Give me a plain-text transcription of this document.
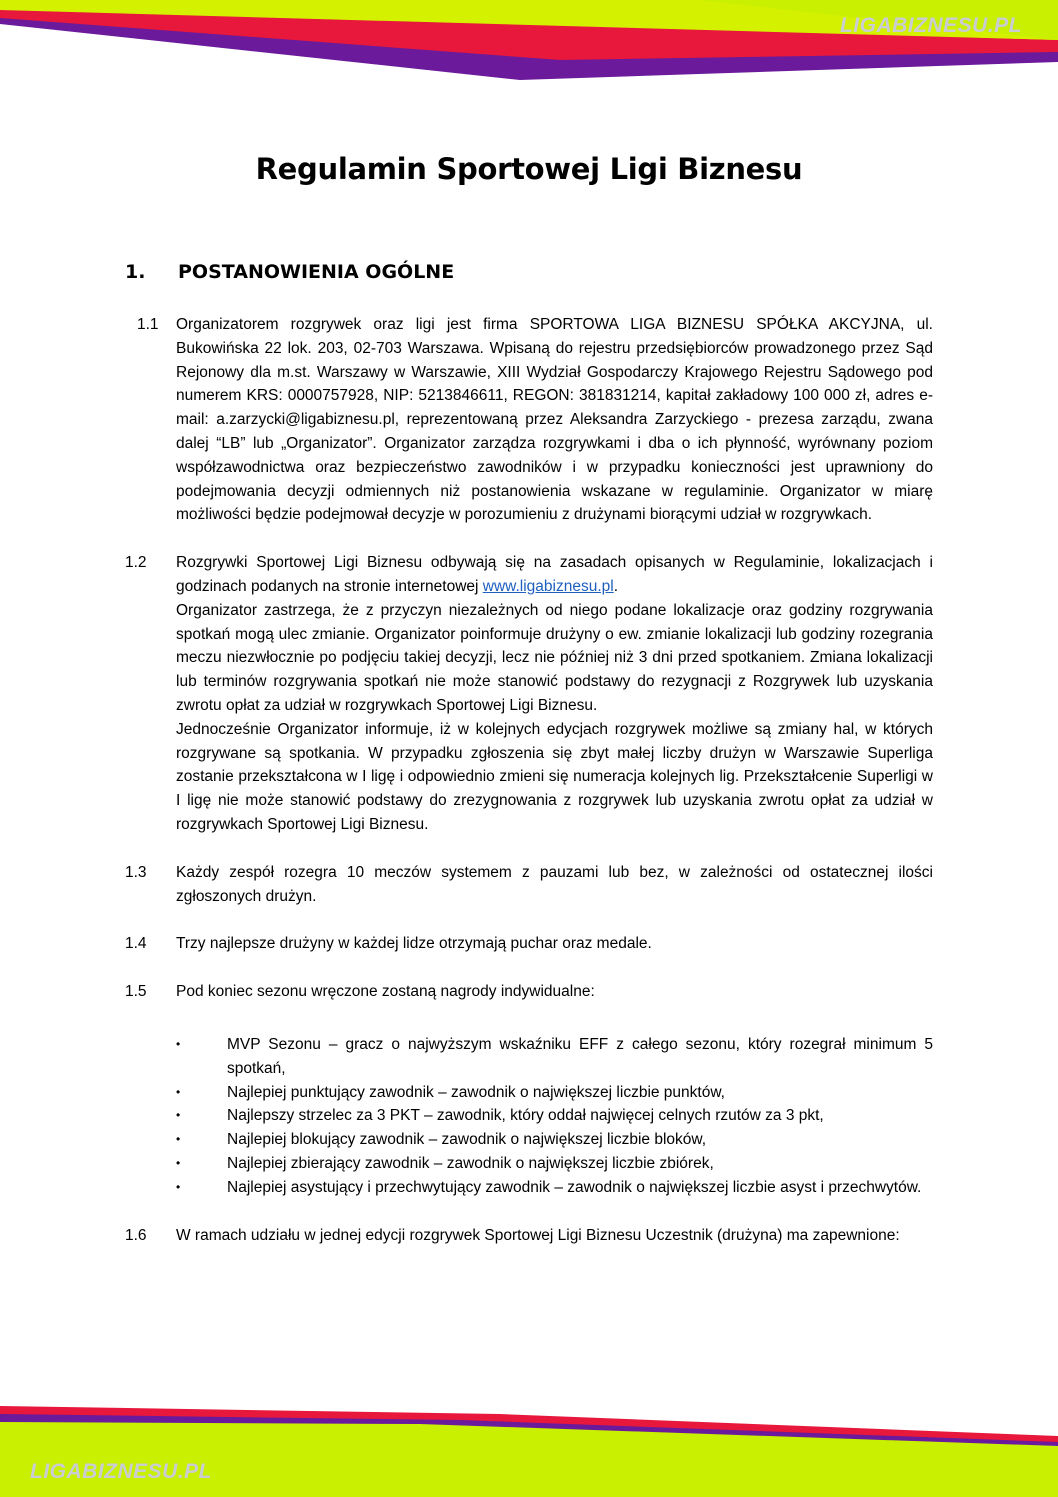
LIGABIZNESU.PL
LIGABIZNESU.PL
Regulamin Sportowej Ligi Biznesu
1. POSTANOWIENIA OGÓLNE
1.1	Organizatorem rozgrywek oraz ligi jest firma SPORTOWA LIGA BIZNESU SPÓŁKA AKCYJNA, ul. Bukowińska 22 lok. 203, 02-703 Warszawa. Wpisaną do rejestru przedsiębiorców prowadzonego przez Sąd Rejonowy dla m.st. Warszawy w Warszawie, XIII Wydział Gospodarczy Krajowego Rejestru Sądowego pod numerem KRS: 0000757928, NIP: 5213846611, REGON: 381831214, kapitał zakładowy 100 000 zł, adres e-mail: a.zarzycki@ligabiznesu.pl, reprezentowaną przez Aleksandra Zarzyckiego - prezesa zarządu, zwana dalej “LB” lub „Organizator”. Organizator zarządza rozgrywkami i dba o ich płynność, wyrównany poziom współzawodnictwa oraz bezpieczeństwo zawodników i w przypadku konieczności jest uprawniony do podejmowania decyzji odmiennych niż postanowienia wskazane w regulaminie. Organizator w miarę możliwości będzie podejmował decyzje w porozumieniu z drużynami biorącymi udział w rozgrywkach.

1.2	Rozgrywki Sportowej Ligi Biznesu odbywają się na zasadach opisanych w Regulaminie, lokalizacjach i godzinach podanych na stronie internetowej www.ligabiznesu.pl.

Organizator zastrzega, że z przyczyn niezależnych od niego podane lokalizacje oraz godziny rozgrywania spotkań mogą ulec zmianie. Organizator poinformuje drużyny o ew. zmianie lokalizacji lub godziny rozegrania meczu niezwłocznie po podjęciu takiej decyzji, lecz nie później niż 3 dni przed spotkaniem. Zmiana lokalizacji lub terminów rozgrywania spotkań nie może stanowić podstawy do rezygnacji z Rozgrywek lub uzyskania zwrotu opłat za udział w rozgrywkach Sportowej Ligi Biznesu.

Jednocześnie Organizator informuje, iż w kolejnych edycjach rozgrywek możliwe są zmiany hal, w których rozgrywane są spotkania. W przypadku zgłoszenia się zbyt małej liczby drużyn w Warszawie Superliga zostanie przekształcona w I ligę i odpowiednio zmieni się numeracja kolejnych lig. Przekształcenie Superligi w I ligę nie może stanowić podstawy do zrezygnowania z rozgrywek lub uzyskania zwrotu opłat za udział w rozgrywkach Sportowej Ligi Biznesu.

1.3	Każdy zespół rozegra 10 meczów systemem z pauzami lub bez, w zależności od ostatecznej ilości zgłoszonych drużyn.

1.4	Trzy najlepsze drużyny w każdej lidze otrzymają puchar oraz medale.

1.5	Pod koniec sezonu wręczone zostaną nagrody indywidualne:

•	MVP Sezonu – gracz o najwyższym wskaźniku EFF z całego sezonu, który rozegrał minimum 5 spotkań,
•	Najlepiej punktujący zawodnik – zawodnik o największej liczbie punktów,
•	Najlepszy strzelec za 3 PKT – zawodnik, który oddał najwięcej celnych rzutów za 3 pkt,
•	Najlepiej blokujący zawodnik – zawodnik o największej liczbie bloków,
•	Najlepiej zbierający zawodnik – zawodnik o największej liczbie zbiórek,
•	Najlepiej asystujący i przechwytujący zawodnik – zawodnik o największej liczbie asyst i przechwytów.
1.6	W ramach udziału w jednej edycji rozgrywek Sportowej Ligi Biznesu Uczestnik (drużyna) ma zapewnione:
